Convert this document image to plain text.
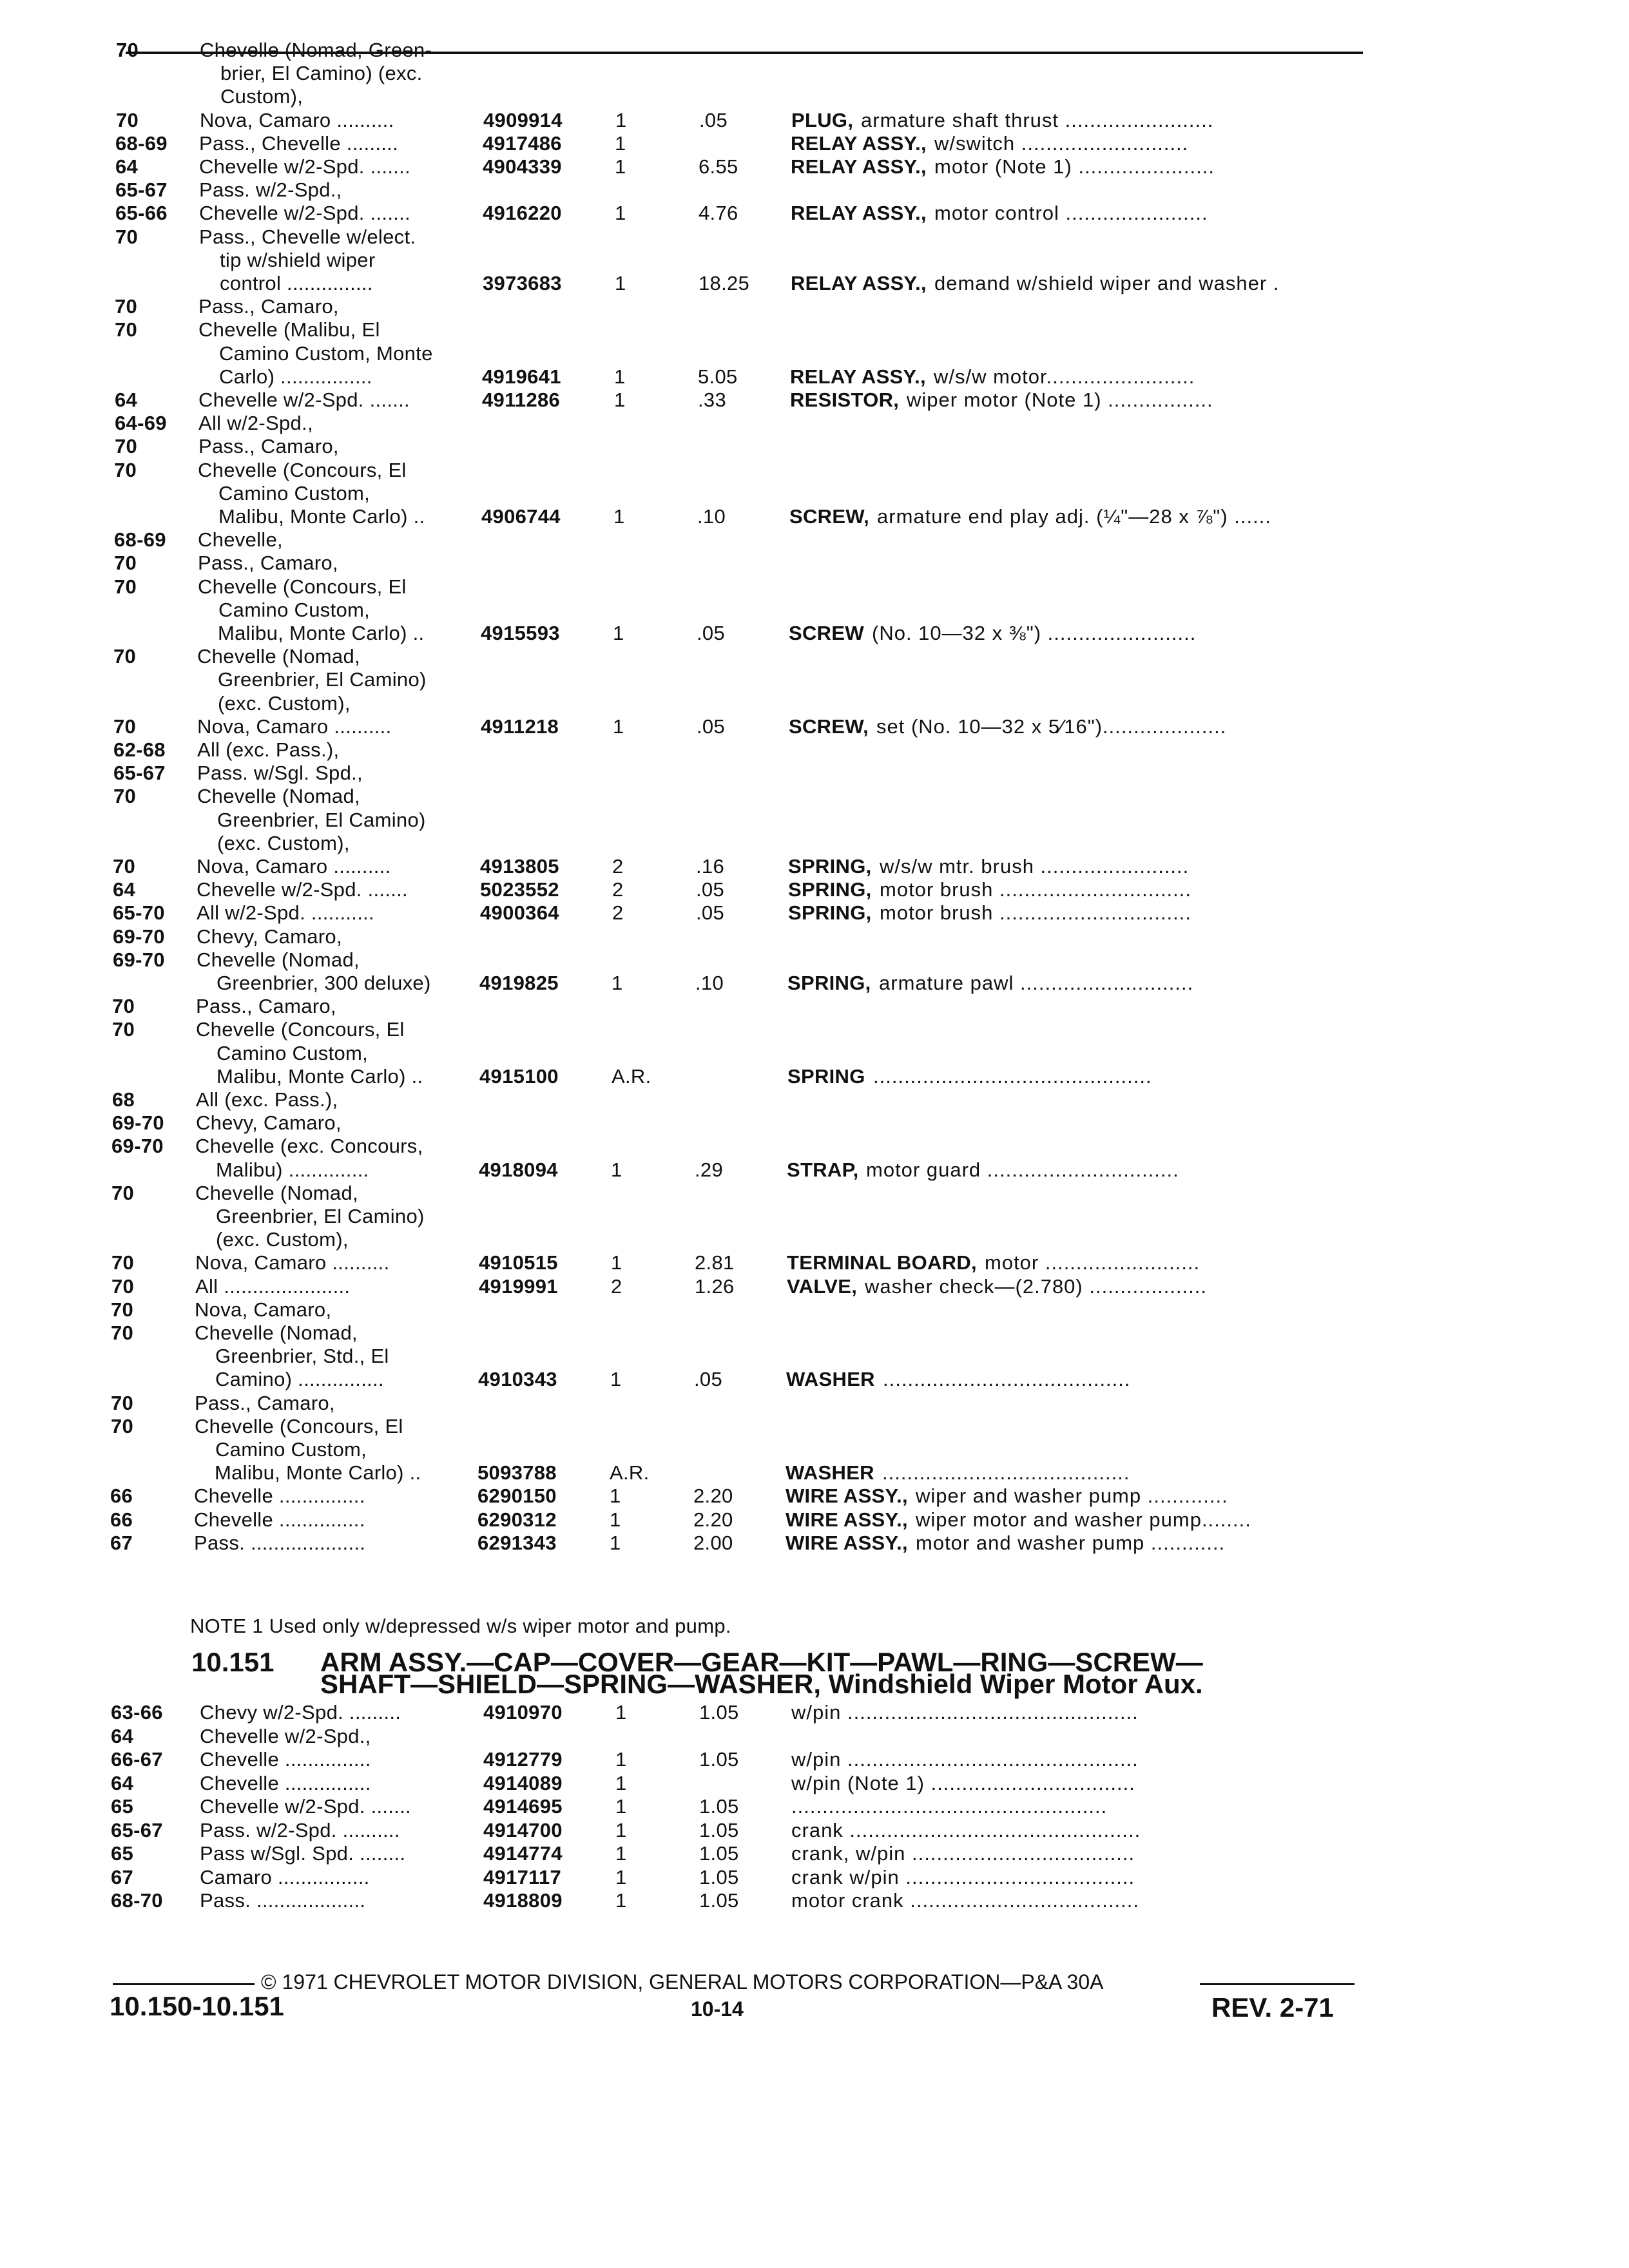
70	Chevelle (Nomad, Green-
brier, El Camino) (exc.
Custom),
70	Nova, Camaro ..........	4909914	1	.05	PLUG, armature shaft thrust ........................
68-69 Pass., Chevelle .........	4917486	1	RELAY ASSY., w/switch ...........................
64	Chevelle w/2-Spd. .......	4904339	1	6.55	RELAY ASSY., motor (Note 1) ......................
65-67 Pass. w/2-Spd.,
65-66 Chevelle w/2-Spd. .......	4916220	1	4.76	RELAY ASSY., motor control .......................
70	Pass., Chevelle w/elect.
tip w/shield wiper
control ...............	3973683	1	18.25 RELAY ASSY., demand w/shield wiper and washer .
70	Pass., Camaro,
70	Chevelle (Malibu, El
Camino Custom, Monte
Carlo) ................	4919641	1	5.05	RELAY ASSY., w/s/w motor........................
64	Chevelle w/2-Spd. .......	4911286	1	.33	RESISTOR, wiper motor (Note 1) .................
64-69 All w/2-Spd.,
70	Pass., Camaro,
70	Chevelle (Concours, El
Camino Custom,
Malibu, Monte Carlo) ..	4906744	1	.10	SCREW, armature end play adj. (¼"—28 x ⅞") ......
68-69 Chevelle,
70	Pass., Camaro,
70	Chevelle (Concours, El
Camino Custom,
Malibu, Monte Carlo) ..	4915593	1	.05	SCREW (No. 10—32 x ⅜") ........................
70	Chevelle (Nomad,
Greenbrier, El Camino)
(exc. Custom),
70	Nova, Camaro ..........	4911218	1	.05	SCREW, set (No. 10—32 x 5⁄16")....................
62-68 All (exc. Pass.),
65-67 Pass. w/Sgl. Spd.,
70	Chevelle (Nomad,
Greenbrier, El Camino)
(exc. Custom),
70	Nova, Camaro ..........	4913805	2	.16	SPRING, w/s/w mtr. brush ........................
64	Chevelle w/2-Spd. .......	5023552	2	.05	SPRING, motor brush ...............................
65-70 All w/2-Spd. ...........	4900364	2	.05	SPRING, motor brush ...............................
69-70 Chevy, Camaro,
69-70 Chevelle (Nomad,
Greenbrier, 300 deluxe) 4919825	1	.10	SPRING, armature pawl ............................
70	Pass., Camaro,
70	Chevelle (Concours, El
Camino Custom,
Malibu, Monte Carlo) ..	4915100	A.R.	SPRING .............................................
68	All (exc. Pass.),
69-70 Chevy, Camaro,
69-70 Chevelle (exc. Concours,
Malibu) ..............	4918094	1	.29	STRAP, motor guard ...............................
70	Chevelle (Nomad,
Greenbrier, El Camino)
(exc. Custom),
70	Nova, Camaro ..........	4910515	1	2.81	TERMINAL BOARD, motor .........................
70	All ......................	4919991	2	1.26	VALVE, washer check—(2.780) ...................
70	Nova, Camaro,
70	Chevelle (Nomad,
Greenbrier, Std., El
Camino) ...............	4910343	1	.05	WASHER ........................................
70	Pass., Camaro,
70	Chevelle (Concours, El
Camino Custom,
Malibu, Monte Carlo) ..	5093788	A.R.	WASHER ........................................
66	Chevelle ...............	6290150	1	2.20	WIRE ASSY., wiper and washer pump .............
66	Chevelle ...............	6290312	1	2.20	WIRE ASSY., wiper motor and washer pump........
67	Pass. ....................	6291343	1	2.00	WIRE ASSY., motor and washer pump ............
NOTE 1 Used only w/depressed w/s wiper motor and pump.
10.151 ARM ASSY.—CAP—COVER—GEAR—KIT—PAWL—RING—SCREW—
SHAFT—SHIELD—SPRING—WASHER, Windshield Wiper Motor Aux.
63-66 Chevy w/2-Spd. .........	4910970	1	1.05	w/pin ...............................................
64	Chevelle w/2-Spd.,
66-67 Chevelle ...............	4912779	1	1.05	w/pin ...............................................
64	Chevelle ...............	4914089	1	w/pin (Note 1) .................................
65	Chevelle w/2-Spd. .......	4914695	1	1.05	...................................................
65-67 Pass. w/2-Spd. ..........	4914700	1	1.05	crank ...............................................
65	Pass w/Sgl. Spd. ........	4914774	1	1.05	crank, w/pin ....................................
67	Camaro ................	4917117	1	1.05	crank w/pin .....................................
68-70 Pass. ...................	4918809	1	1.05	motor crank .....................................
© 1971 CHEVROLET MOTOR DIVISION, GENERAL MOTORS CORPORATION—P&A 30A
10.150-10.151	10-14	REV. 2-71
